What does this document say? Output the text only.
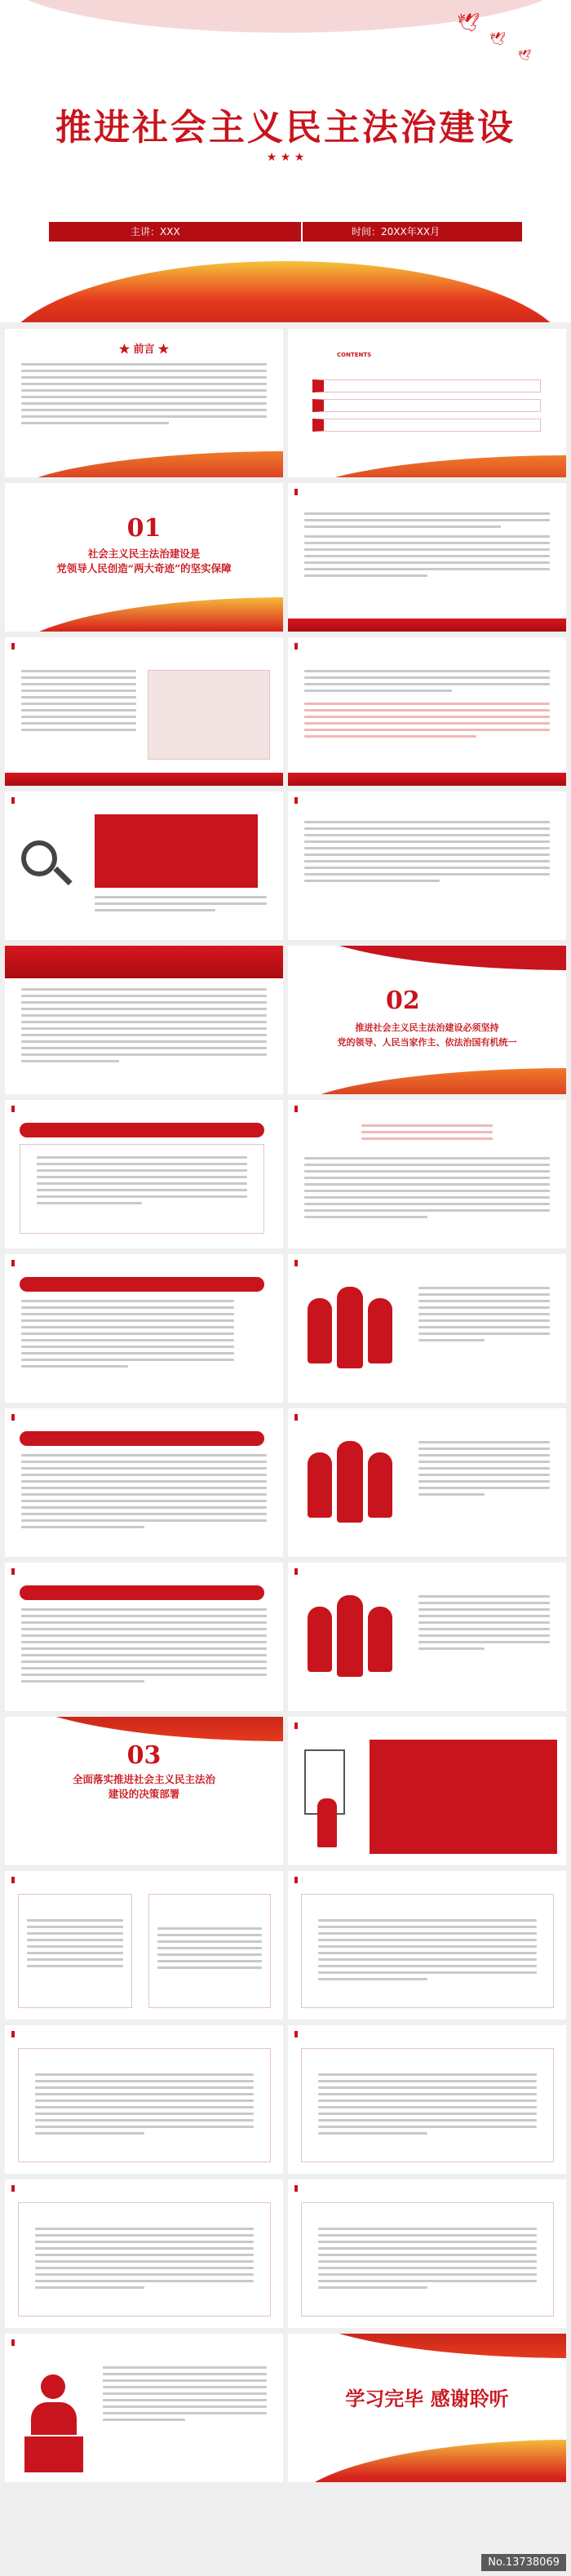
🕊
🕊
🕊
推进社会主义民主法治建设
★ ★ ★
主讲：XXX	时间：20XX年XX月
★ 前言 ★	CONTENTS
01
社会主义民主法治建设是
党领导人民创造“两大奇迹”的坚实保障
02
推进社会主义民主法治建设必须坚持
党的领导、人民当家作主、依法治国有机统一
03
全面落实推进社会主义民主法治
建设的决策部署
学习完毕 感谢聆听
No.13738069
